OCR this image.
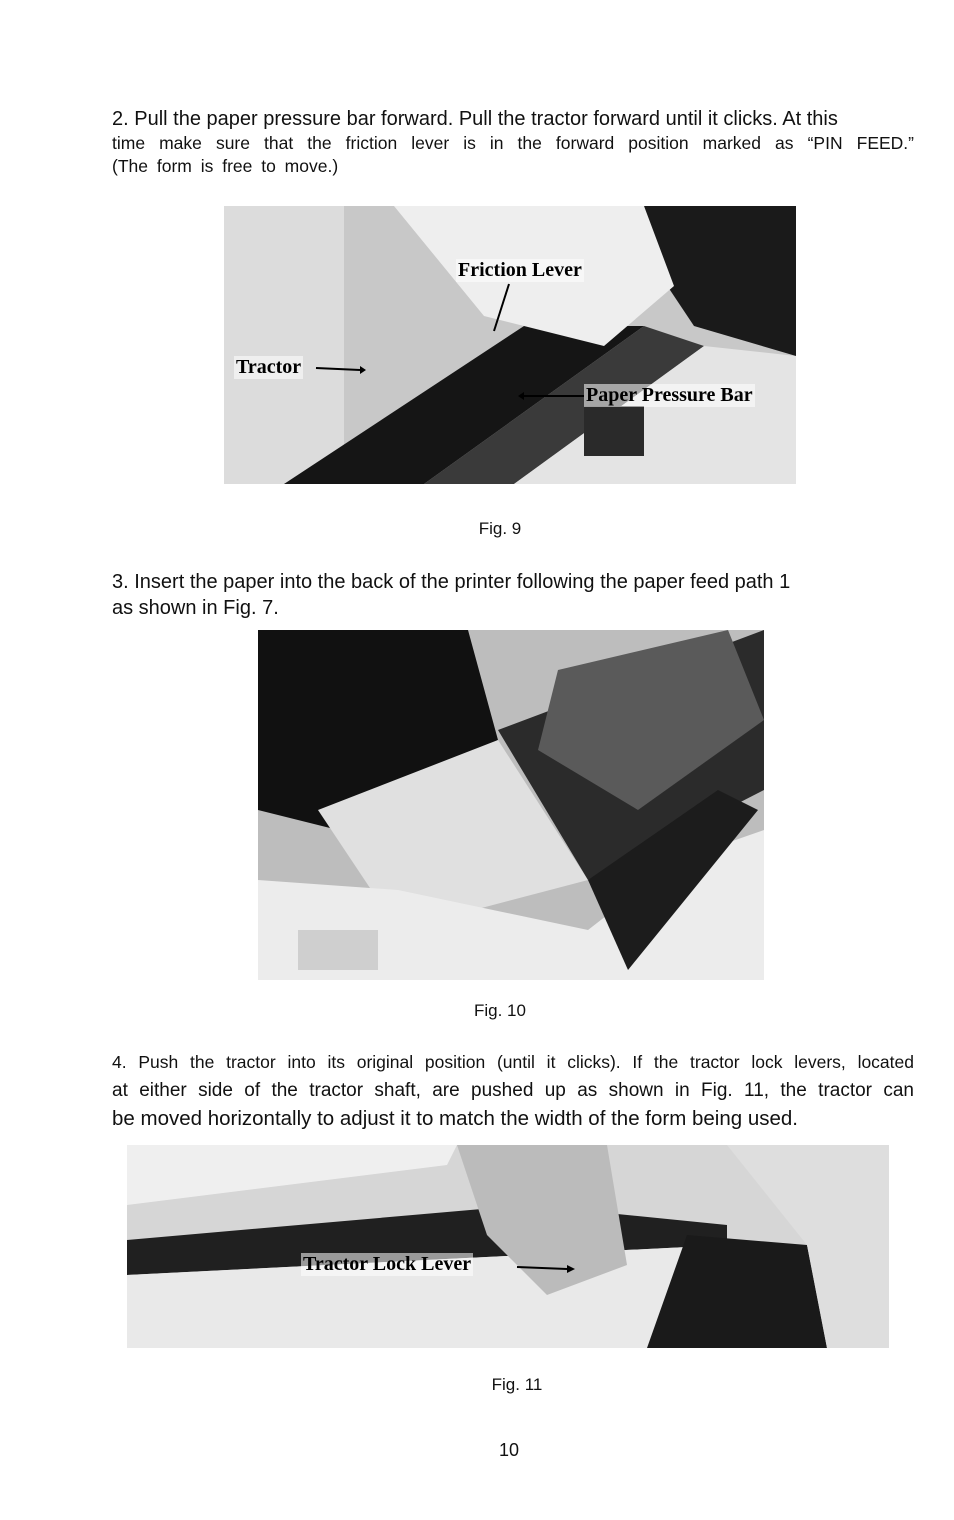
2. Pull the paper pressure bar forward. Pull the tractor forward until it clicks. At this
time make sure that the friction lever is in the forward position marked as “PIN FEED.”
(The form is free to move.)
Friction Lever
Tractor
Paper Pressure Bar
Fig. 9
3. Insert the paper into the back of the printer following the paper feed path 1
as shown in Fig. 7.
Fig. 10
4. Push the tractor into its original position (until it clicks). If the tractor lock levers, located
at either side of the tractor shaft, are pushed up as shown in Fig. 11, the tractor can
be moved horizontally to adjust it to match the width of the form being used.
Tractor Lock Lever
Fig. 11
10
